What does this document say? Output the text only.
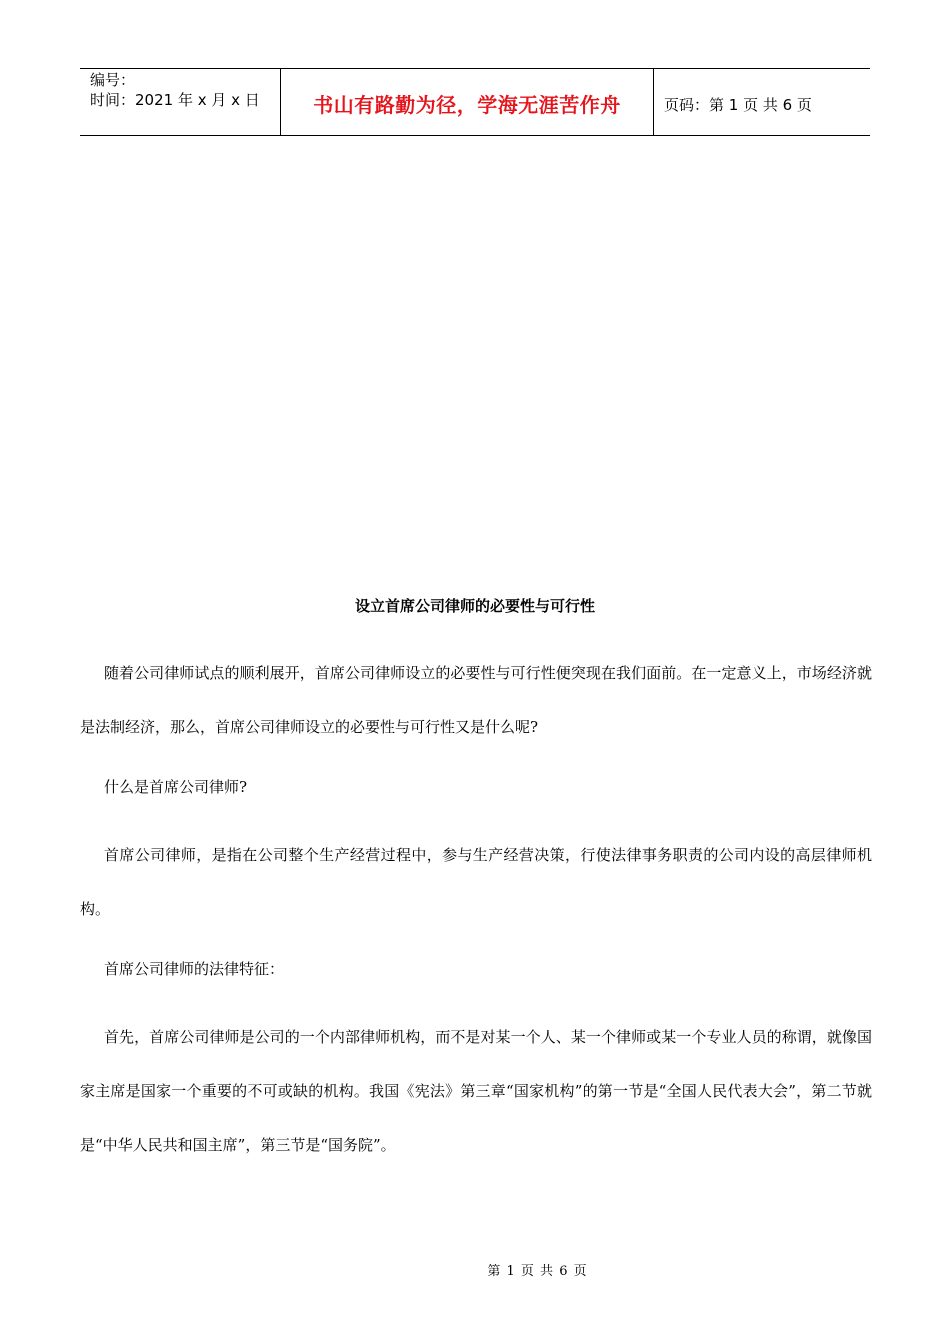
编号：
时间：2021 年 x 月 x 日	书山有路勤为径，学海无涯苦作舟	页码：第 1 页 共 6 页
设立首席公司律师的必要性与可行性
随着公司律师试点的顺利展开，首席公司律师设立的必要性与可行性便突现在我们面前。在一定意义上，市场经济就是法制经济，那么，首席公司律师设立的必要性与可行性又是什么呢?
什么是首席公司律师?
首席公司律师，是指在公司整个生产经营过程中，参与生产经营决策，行使法律事务职责的公司内设的高层律师机构。
首席公司律师的法律特征：
首先，首席公司律师是公司的一个内部律师机构，而不是对某一个人、某一个律师或某一个专业人员的称谓，就像国家主席是国家一个重要的不可或缺的机构。我国《宪法》第三章“国家机构”的第一节是“全国人民代表大会”，第二节就是“中华人民共和国主席”，第三节是“国务院”。
第 1 页 共 6 页
